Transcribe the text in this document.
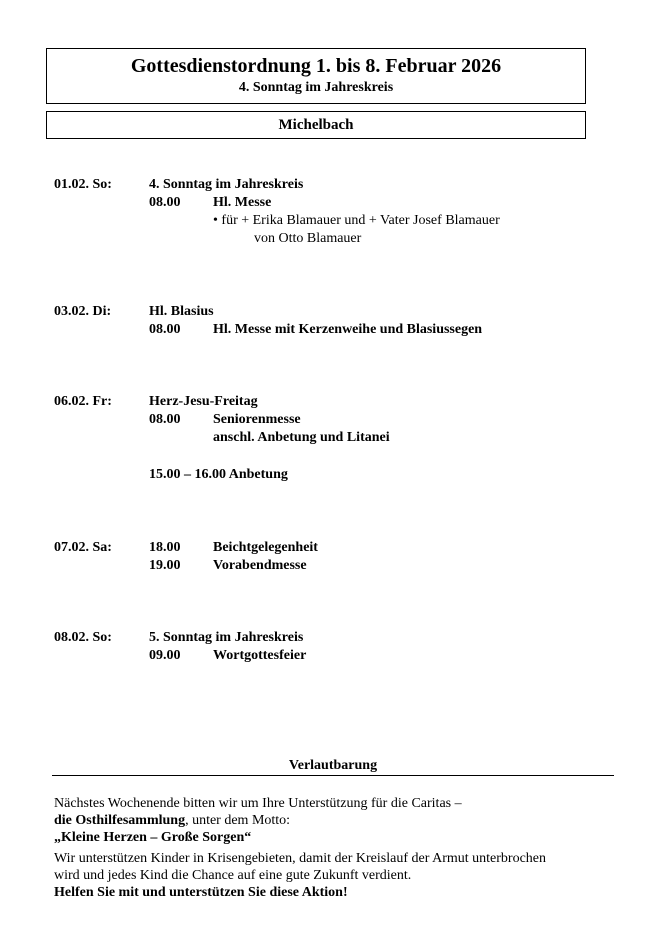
Gottesdienstordnung 1. bis 8. Februar 2026
4. Sonntag im Jahreskreis
Michelbach
01.02. So:	4. Sonntag im Jahreskreis
08.00 Hl. Messe
• für + Erika Blamauer und + Vater Josef Blamauer
von Otto Blamauer
03.02. Di:	Hl. Blasius
08.00 Hl. Messe mit Kerzenweihe und Blasiussegen
06.02. Fr:	Herz-Jesu-Freitag
08.00 Seniorenmesse
anschl. Anbetung und Litanei
15.00 – 16.00 Anbetung
07.02. Sa:	18.00 Beichtgelegenheit
19.00 Vorabendmesse
08.02. So:	5. Sonntag im Jahreskreis
09.00 Wortgottesfeier
Verlautbarung
Nächstes Wochenende bitten wir um Ihre Unterstützung für die Caritas –
die Osthilfesammlung, unter dem Motto:
„Kleine Herzen – Große Sorgen“
Wir unterstützen Kinder in Krisengebieten, damit der Kreislauf der Armut unterbrochen
wird und jedes Kind die Chance auf eine gute Zukunft verdient.
Helfen Sie mit und unterstützen Sie diese Aktion!
